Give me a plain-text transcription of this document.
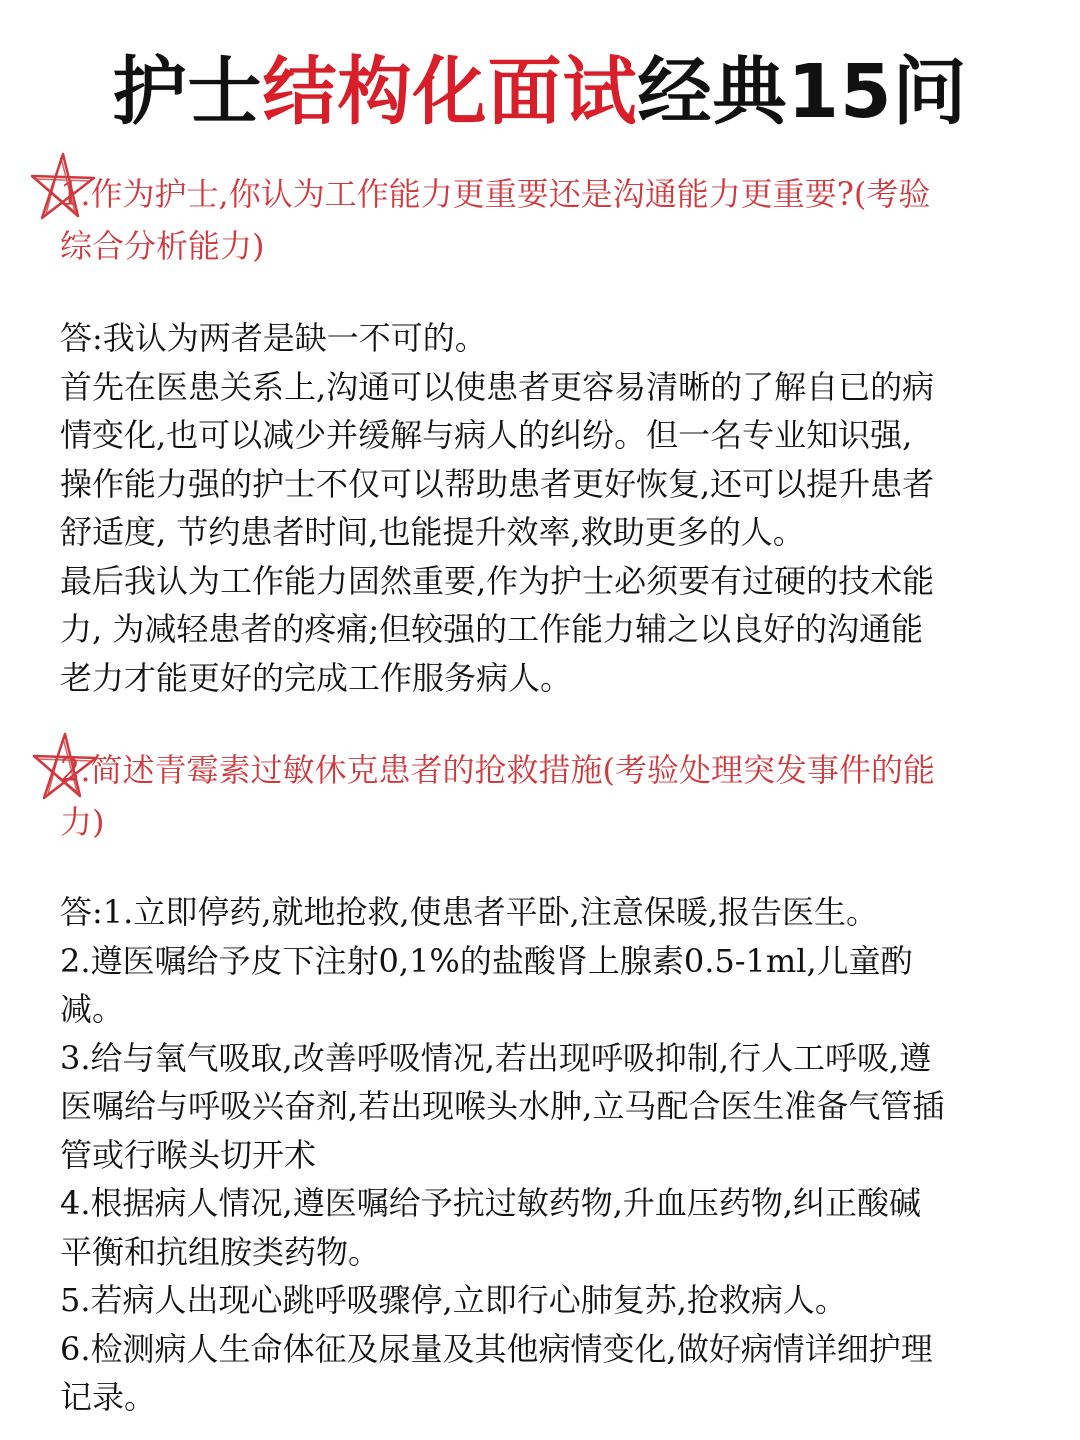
护士结构化面试经典15问
1.作为护士,你认为工作能力更重要还是沟通能力更重要?(考验
综合分析能力)
答:我认为两者是缺一不可的。
首先在医患关系上,沟通可以使患者更容易清晰的了解自已的病
情变化,也可以减少并缓解与病人的纠纷。但一名专业知识强,
操作能力强的护士不仅可以帮助患者更好恢复,还可以提升患者
舒适度, 节约患者时间,也能提升效率,救助更多的人。
最后我认为工作能力固然重要,作为护士必须要有过硬的技术能
力, 为减轻患者的疼痛;但较强的工作能力辅之以良好的沟通能
老力才能更好的完成工作服务病人。
2.简述青霉素过敏休克患者的抢救措施(考验处理突发事件的能
力)
答:1.立即停药,就地抢救,使患者平卧,注意保暖,报告医生。
2.遵医嘱给予皮下注射0,1%的盐酸肾上腺素0.5-1ml,儿童酌
减。
3.给与氧气吸取,改善呼吸情况,若出现呼吸抑制,行人工呼吸,遵
医嘱给与呼吸兴奋剂,若出现喉头水肿,立马配合医生准备气管插
管或行喉头切开术
4.根据病人情况,遵医嘱给予抗过敏药物,升血压药物,纠正酸碱
平衡和抗组胺类药物。
5.若病人出现心跳呼吸骤停,立即行心肺复苏,抢救病人。
6.检测病人生命体征及尿量及其他病情变化,做好病情详细护理
记录。
